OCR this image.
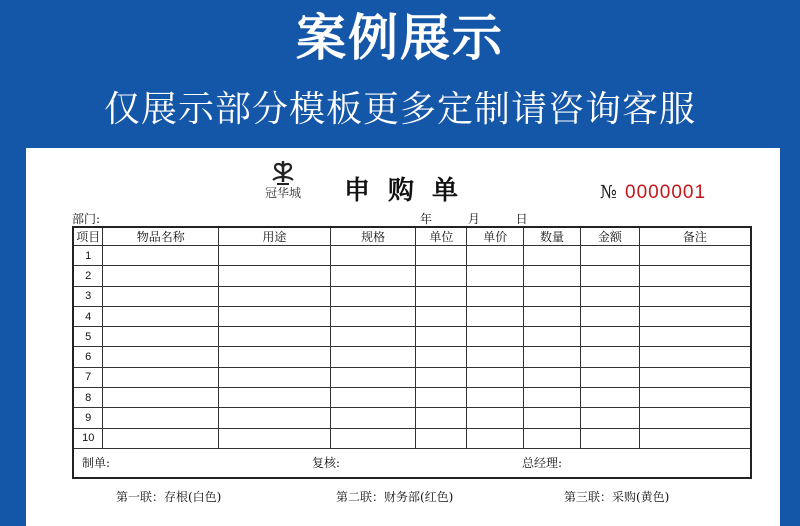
案例展示
仅展示部分模板更多定制请咨询客服
冠华城	申购单	№ 0000001
部门:	年 月 日
项目	物品名称	用途	规格	单位	单价	数量	金额	备注
1								
2								
3								
4								
5								
6								
7								
8								
9								
10								
制单: 复核: 总经理:								
第一联：存根(白色)	第二联：财务部(红色)	第三联：采购(黄色)
